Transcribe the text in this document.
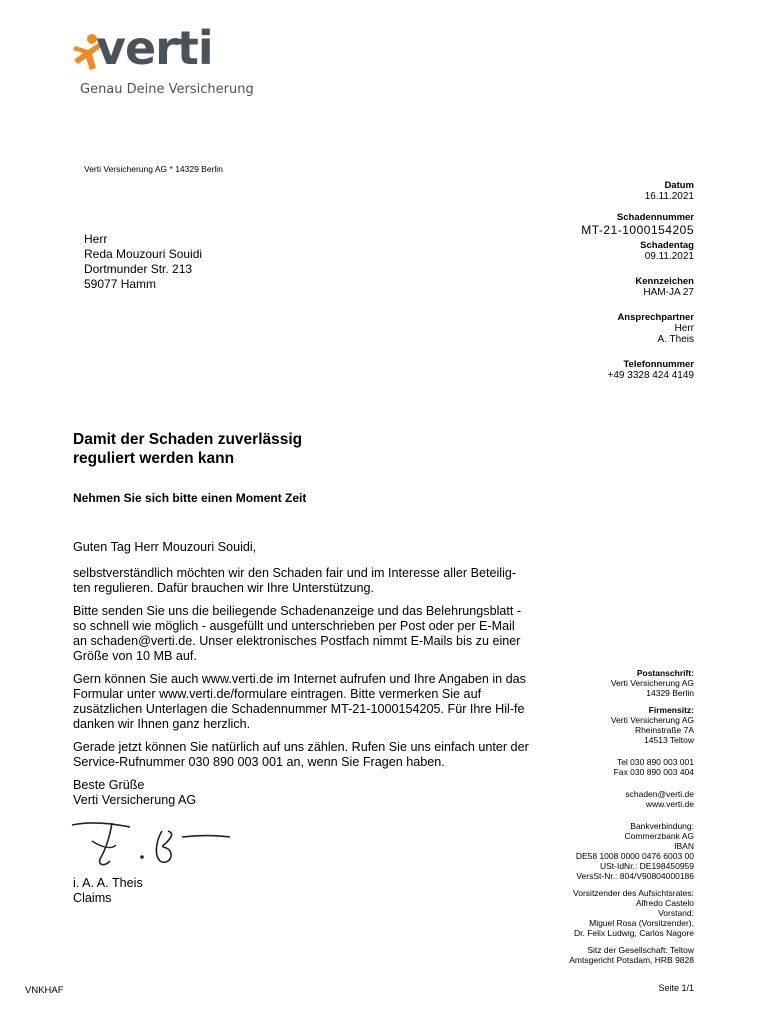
verti
Genau Deine Versicherung
Verti Versicherung AG * 14329 Berlin
Herr
Reda Mouzouri Souidi
Dortmunder Str. 213
59077 Hamm
Datum
16.11.2021
Schadennummer
MT-21-1000154205
Schadentag
09.11.2021
Kennzeichen
HAM-JA 27
Ansprechpartner
Herr
A. Theis
Telefonnummer
+49 3328 424 4149
Damit der Schaden zuverlässig
reguliert werden kann
Nehmen Sie sich bitte einen Moment Zeit

Guten Tag Herr Mouzouri Souidi,

selbstverständlich möchten wir den Schaden fair und im Interesse aller Beteilig-ten regulieren. Dafür brauchen wir Ihre Unterstützung.

Bitte senden Sie uns die beiliegende Schadenanzeige und das Belehrungsblatt - so schnell wie möglich - ausgefüllt und unterschrieben per Post oder per E-Mail an schaden@verti.de. Unser elektronisches Postfach nimmt E-Mails bis zu einer Größe von 10 MB auf.

Gern können Sie auch www.verti.de im Internet aufrufen und Ihre Angaben in das Formular unter www.verti.de/formulare eintragen. Bitte vermerken Sie auf zusätzlichen Unterlagen die Schadennummer MT-21-1000154205. Für Ihre Hil-fe danken wir Ihnen ganz herzlich.

Gerade jetzt können Sie natürlich auf uns zählen. Rufen Sie uns einfach unter der Service-Rufnummer 030 890 003 001 an, wenn Sie Fragen haben.

Beste Grüße
Verti Versicherung AG
i. A. A. Theis
Claims
Postanschrift:
Verti Versicherung AG
14329 Berlin
Firmensitz:
Verti Versicherung AG
Rheinstraße 7A
14513 Teltow
Tel 030 890 003 001
Fax 030 890 003 404
schaden@verti.de
www.verti.de
Bankverbindung:
Commerzbank AG
IBAN
DE58 1008 0000 0476 6003 00
USt-IdNr.: DE198450959
VersSt-Nr.: 804/V90804000186
Vorsitzender des Aufsichtsrates:
Alfredo Castelo
Vorstand:
Miguel Rosa (Vorsitzender),
Dr. Felix Ludwig, Carlos Nagore
Sitz der Gesellschaft: Teltow
Amtsgericht Potsdam, HRB 9828
VNKHAF	Seite 1/1
